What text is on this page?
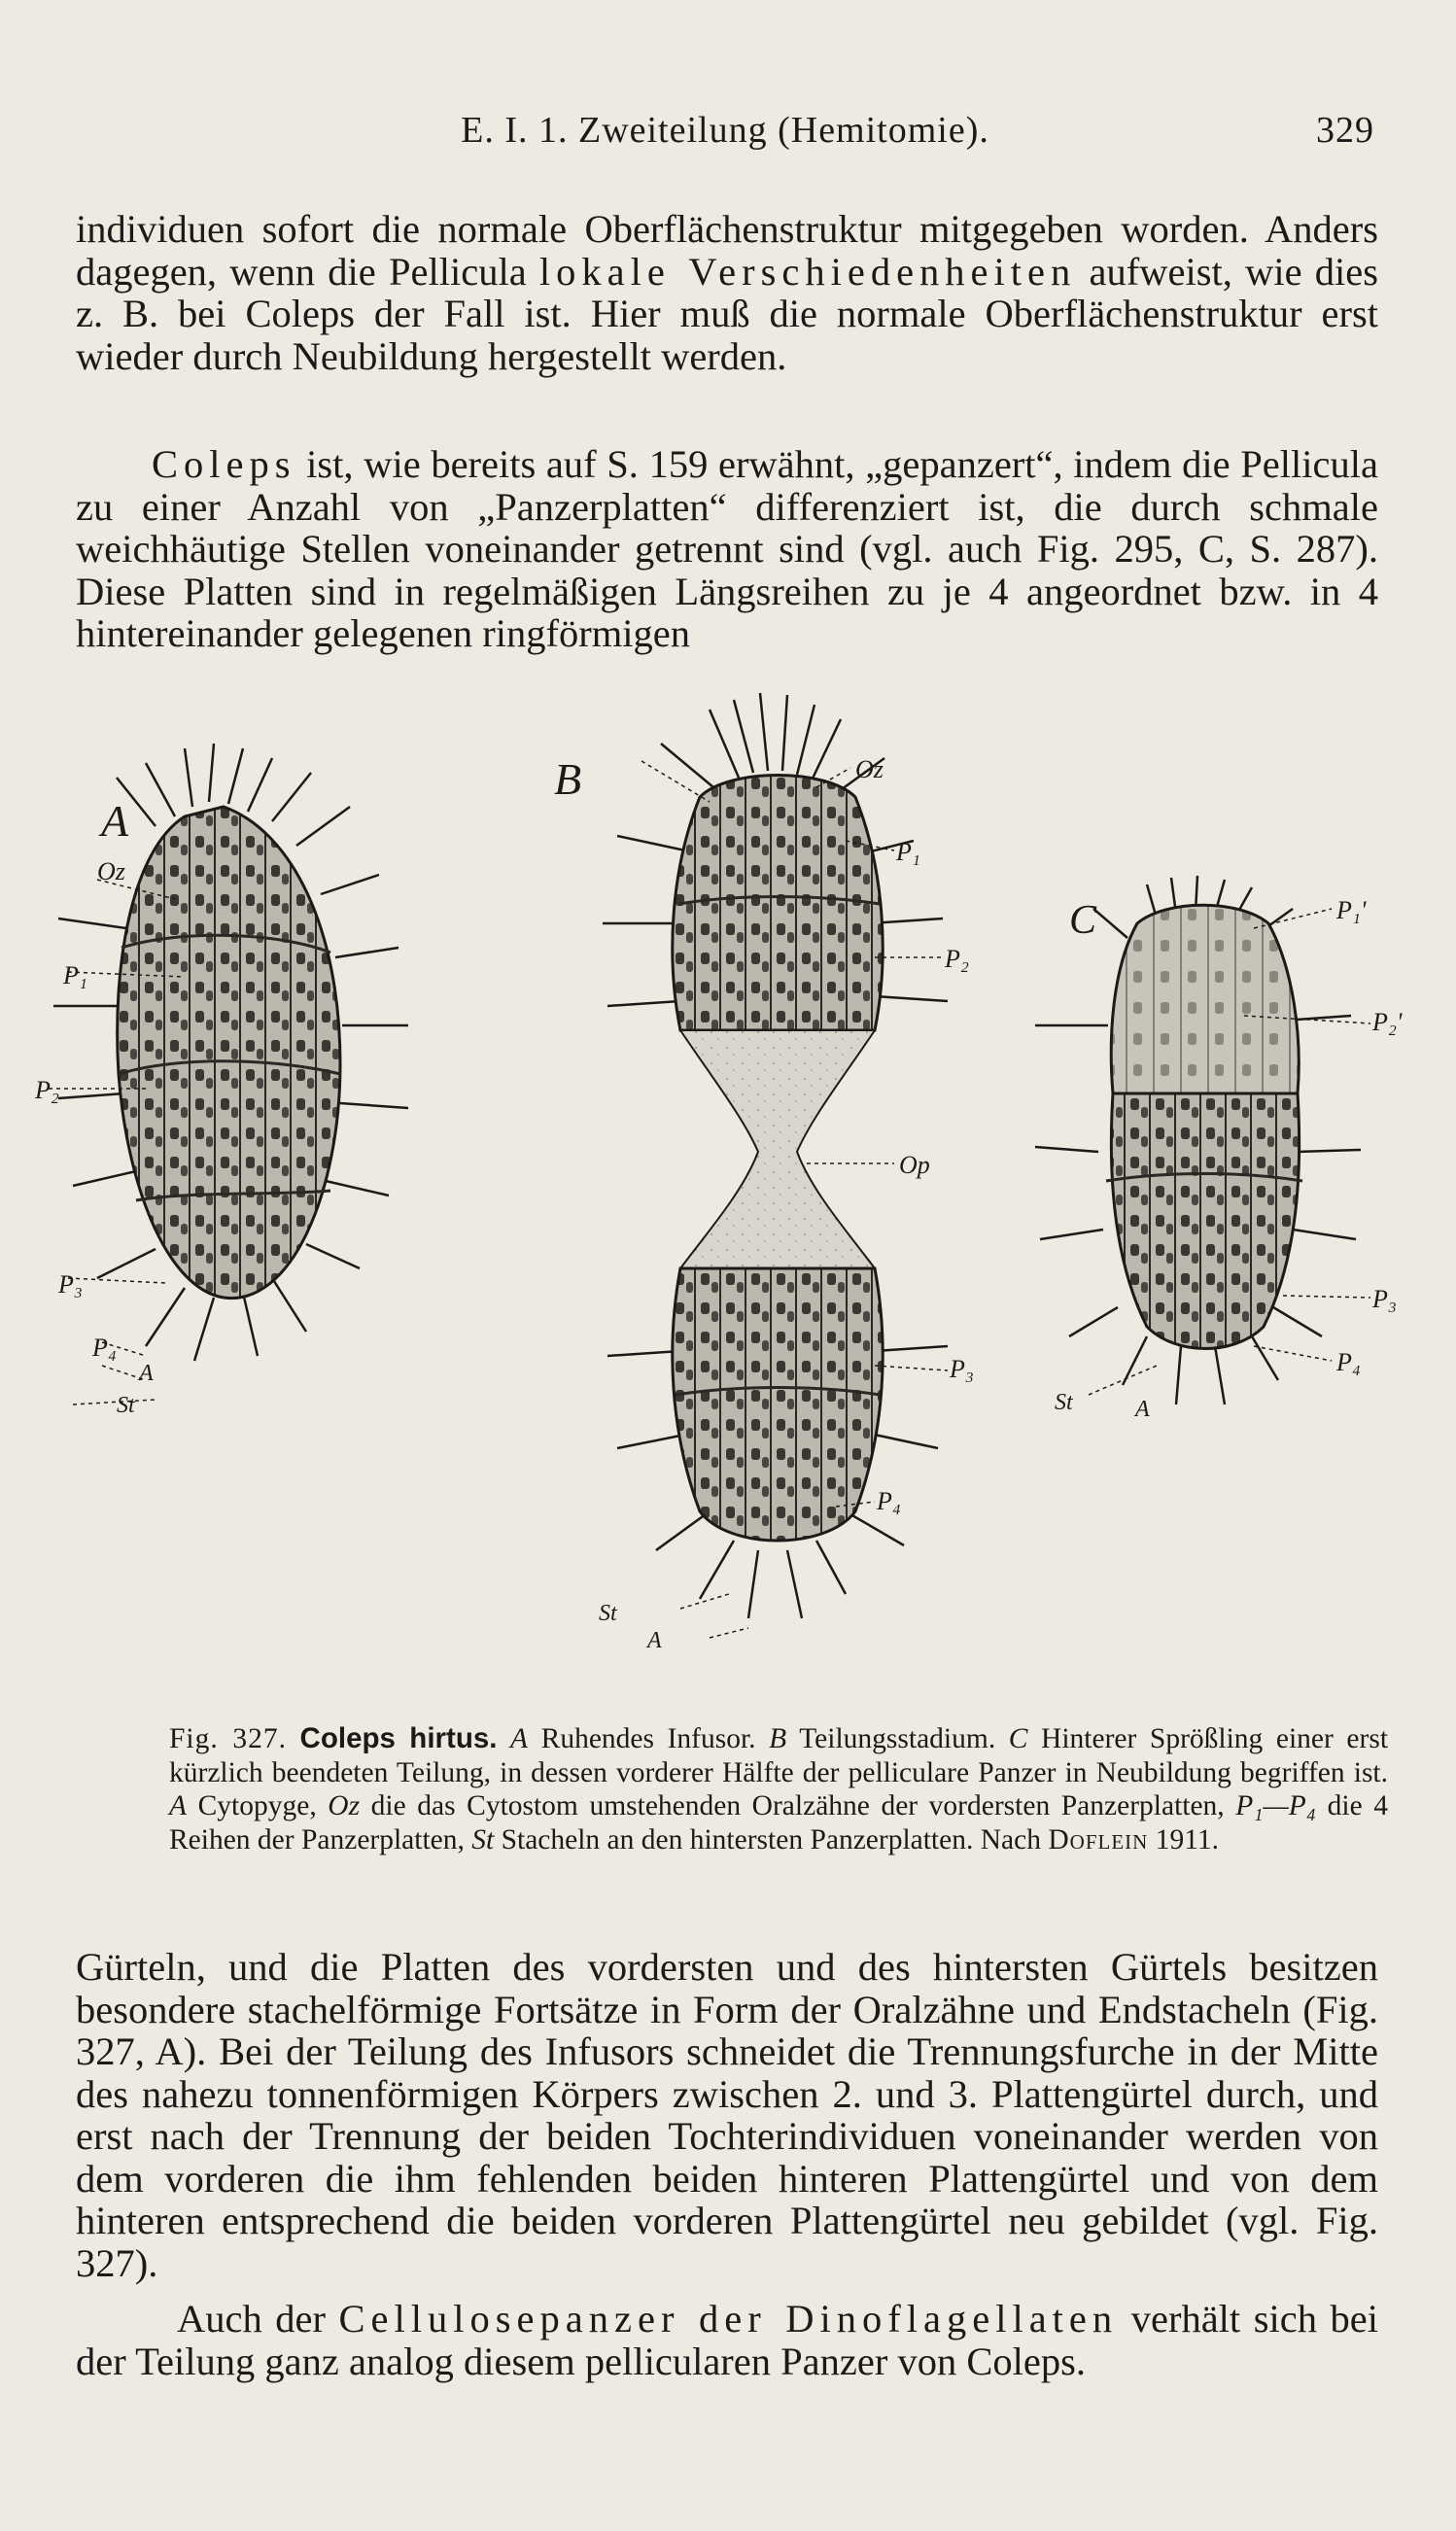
E. I. 1. Zweiteilung (Hemitomie).	329

individuen sofort die normale Oberflächenstruktur mitgegeben worden. Anders dagegen, wenn die Pellicula lokale Verschiedenheiten aufweist, wie dies z. B. bei Coleps der Fall ist. Hier muß die normale Oberflächenstruktur erst wieder durch Neubildung hergestellt werden.

Coleps ist, wie bereits auf S. 159 erwähnt, „gepanzert“, indem die Pellicula zu einer Anzahl von „Panzerplatten“ differenziert ist, die durch schmale weichhäutige Stellen voneinander getrennt sind (vgl. auch Fig. 295, C, S. 287). Diese Platten sind in regelmäßigen Längsreihen zu je 4 angeordnet bzw. in 4 hintereinander gelegenen ringförmigen

A
Oz
P₁
P₂
P₃
P₄
A
St
B	Oz
P₁
P₂
Op
P₃
P₄
St
A
C	P₁'
P₂'
P₃
P₄
St	A

Fig. 327. Coleps hirtus. A Ruhendes Infusor. B Teilungsstadium. C Hinterer Sprößling einer erst kürzlich beendeten Teilung, in dessen vorderer Hälfte der pelliculare Panzer in Neubildung begriffen ist. A Cytopyge, Oz die das Cytostom umstehenden Oralzähne der vordersten Panzerplatten, P₁—P₄ die 4 Reihen der Panzerplatten, St Stacheln an den hintersten Panzerplatten. Nach Doflein 1911.

Gürteln, und die Platten des vordersten und des hintersten Gürtels besitzen besondere stachelförmige Fortsätze in Form der Oralzähne und Endstacheln (Fig. 327, A). Bei der Teilung des Infusors schneidet die Trennungsfurche in der Mitte des nahezu tonnenförmigen Körpers zwischen 2. und 3. Plattengürtel durch, und erst nach der Trennung der beiden Tochterindividuen voneinander werden von dem vorderen die ihm fehlenden beiden hinteren Plattengürtel und von dem hinteren entsprechend die beiden vorderen Plattengürtel neu gebildet (vgl. Fig. 327).

Auch der Cellulosepanzer der Dinoflagellaten verhält sich bei der Teilung ganz analog diesem pellicularen Panzer von Coleps.
